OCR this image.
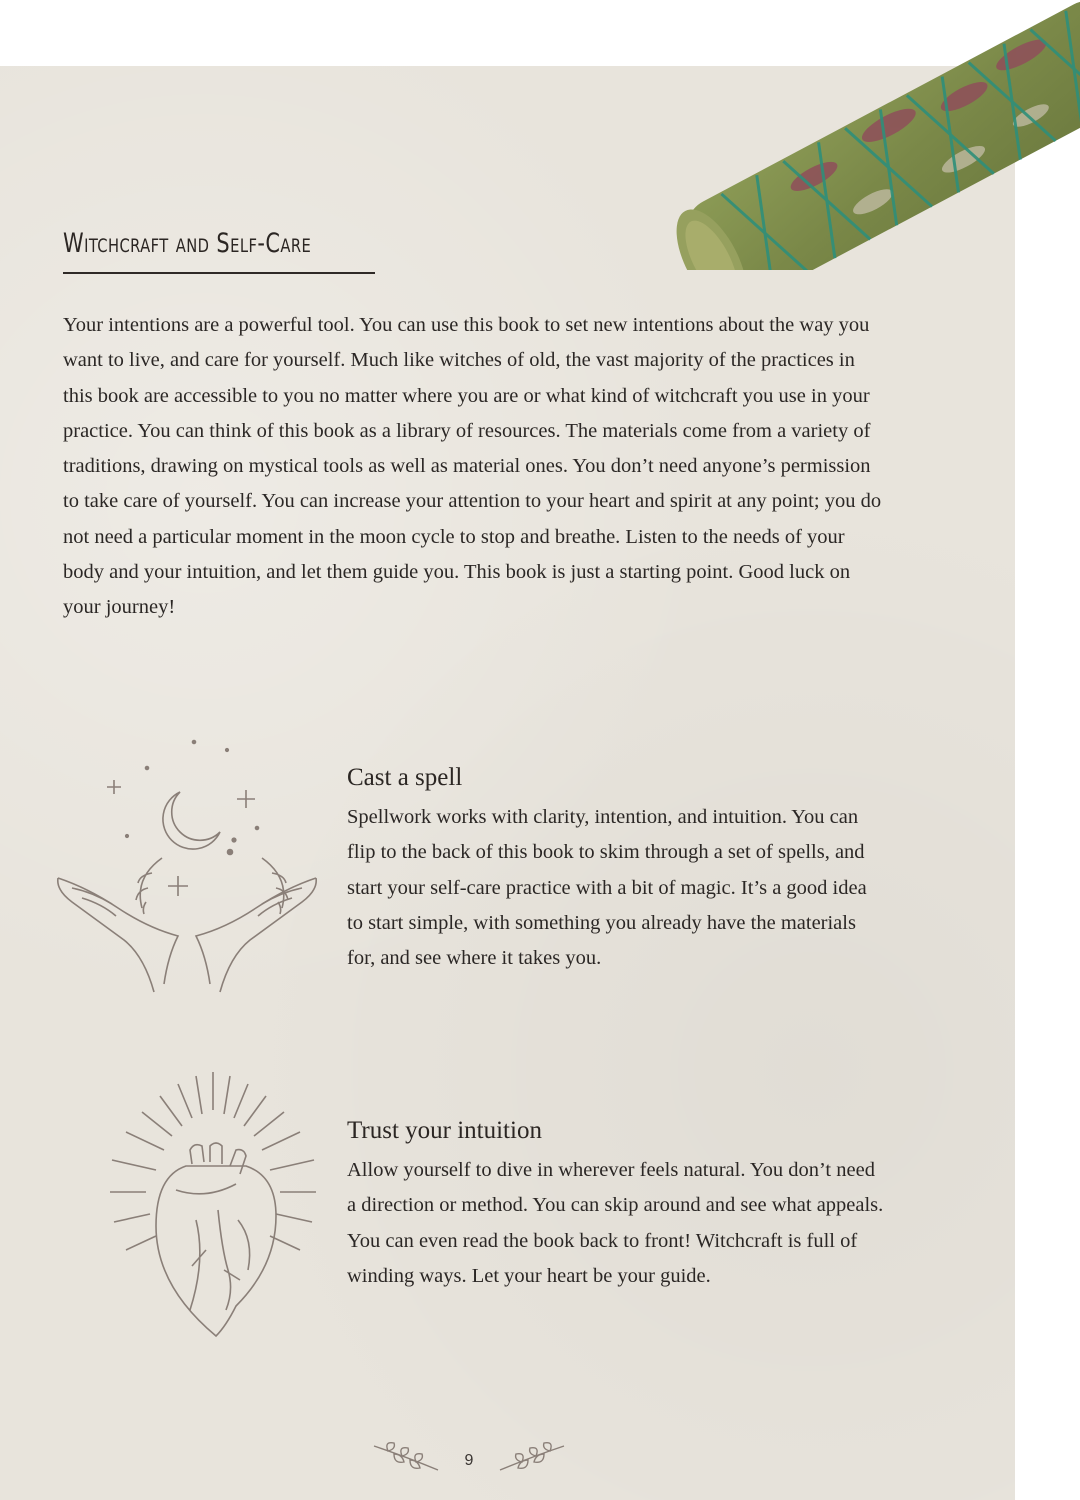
Witchcraft and Self-Care

Your intentions are a powerful tool. You can use this book to set new intentions about the way you want to live, and care for yourself. Much like witches of old, the vast majority of the practices in this book are accessible to you no matter where you are or what kind of witchcraft you use in your practice. You can think of this book as a library of resources. The materials come from a variety of traditions, drawing on mystical tools as well as material ones. You don’t need anyone’s permission to take care of yourself. You can increase your attention to your heart and spirit at any point; you do not need a particular moment in the moon cycle to stop and breathe. Listen to the needs of your body and your intuition, and let them guide you. This book is just a starting point. Good luck on your journey!

Cast a spell

Spellwork works with clarity, intention, and intuition. You can flip to the back of this book to skim through a set of spells, and start your self-care practice with a bit of magic. It’s a good idea to start simple, with something you already have the materials for, and see where it takes you.

Trust your intuition

Allow yourself to dive in wherever feels natural. You don’t need a direction or method. You can skip around and see what appeals. You can even read the book back to front! Witchcraft is full of winding ways. Let your heart be your guide.

9
